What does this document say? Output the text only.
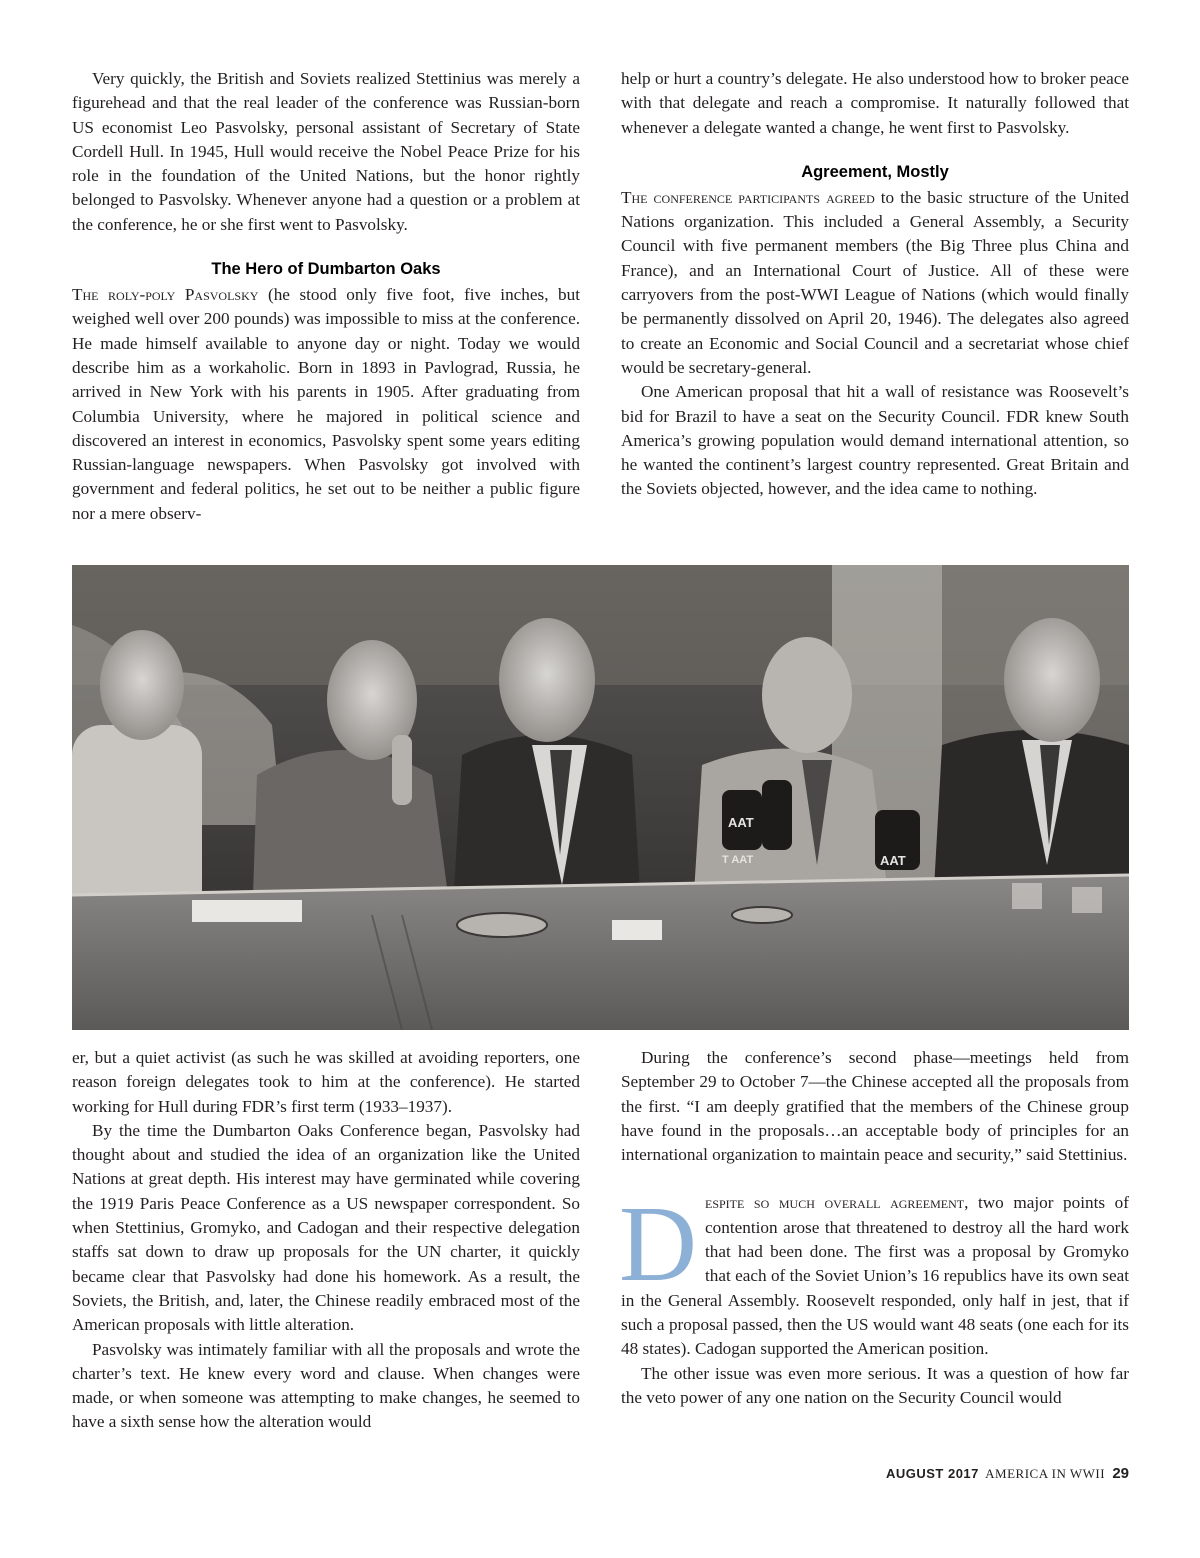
Very quickly, the British and Soviets realized Stettinius was merely a figurehead and that the real leader of the conference was Russian-born US economist Leo Pasvolsky, personal assistant of Secretary of State Cordell Hull. In 1945, Hull would receive the Nobel Peace Prize for his role in the foundation of the United Nations, but the honor rightly belonged to Pasvolsky. Whenever anyone had a question or a problem at the conference, he or she first went to Pasvolsky.

The Hero of Dumbarton Oaks

The roly-poly Pasvolsky (he stood only five foot, five inches, but weighed well over 200 pounds) was impossible to miss at the conference. He made himself available to anyone day or night. Today we would describe him as a workaholic. Born in 1893 in Pavlograd, Russia, he arrived in New York with his parents in 1905. After graduating from Columbia University, where he majored in political science and discovered an interest in economics, Pasvolsky spent some years editing Russian-language newspapers. When Pasvolsky got involved with government and federal politics, he set out to be neither a public figure nor a mere observ-

help or hurt a country’s delegate. He also understood how to broker peace with that delegate and reach a compromise. It naturally followed that whenever a delegate wanted a change, he went first to Pasvolsky.

Agreement, Mostly

The conference participants agreed to the basic structure of the United Nations organization. This included a General Assembly, a Security Council with five permanent members (the Big Three plus China and France), and an International Court of Justice. All of these were carryovers from the post-WWI League of Nations (which would finally be permanently dissolved on April 20, 1946). The delegates also agreed to create an Economic and Social Council and a secretariat whose chief would be secretary-general.

One American proposal that hit a wall of resistance was Roosevelt’s bid for Brazil to have a seat on the Security Council. FDR knew South America’s growing population would demand international attention, so he wanted the continent’s largest country represented. Great Britain and the Soviets objected, however, and the idea came to nothing.

AAT
T AAT	AAT

er, but a quiet activist (as such he was skilled at avoiding reporters, one reason foreign delegates took to him at the conference). He started working for Hull during FDR’s first term (1933–1937).

By the time the Dumbarton Oaks Conference began, Pasvolsky had thought about and studied the idea of an organization like the United Nations at great depth. His interest may have germinated while covering the 1919 Paris Peace Conference as a US newspaper correspondent. So when Stettinius, Gromyko, and Cadogan and their respective delegation staffs sat down to draw up proposals for the UN charter, it quickly became clear that Pasvolsky had done his homework. As a result, the Soviets, the British, and, later, the Chinese readily embraced most of the American proposals with little alteration.

Pasvolsky was intimately familiar with all the proposals and wrote the charter’s text. He knew every word and clause. When changes were made, or when someone was attempting to make changes, he seemed to have a sixth sense how the alteration would

During the conference’s second phase—meetings held from September 29 to October 7—the Chinese accepted all the proposals from the first. “I am deeply gratified that the members of the Chinese group have found in the proposals…an acceptable body of principles for an international organization to maintain peace and security,” said Stettinius.

Despite so much overall agreement, two major points of contention arose that threatened to destroy all the hard work that had been done. The first was a proposal by Gromyko that each of the Soviet Union’s 16 republics have its own seat in the General Assembly. Roosevelt responded, only half in jest, that if such a proposal passed, then the US would want 48 seats (one each for its 48 states). Cadogan supported the American position.

The other issue was even more serious. It was a question of how far the veto power of any one nation on the Security Council would

AUGUST 2017 AMERICA IN WWII 29
